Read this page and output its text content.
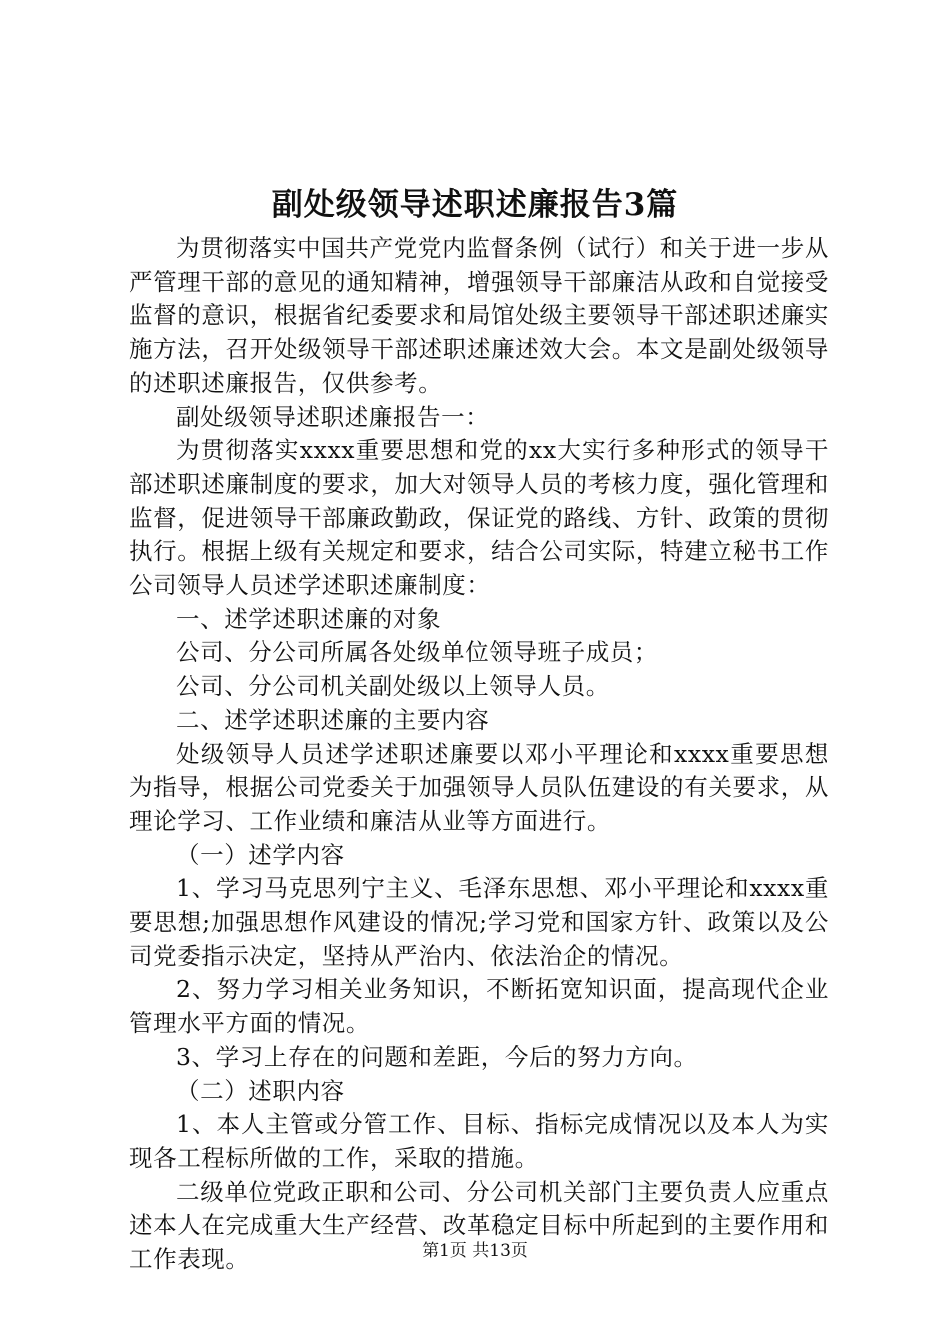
副处级领导述职述廉报告3篇

为贯彻落实中国共产党党内监督条例（试行）和关于进一步从严管理干部的意见的通知精神，增强领导干部廉洁从政和自觉接受监督的意识，根据省纪委要求和局馆处级主要领导干部述职述廉实施方法，召开处级领导干部述职述廉述效大会。本文是副处级领导的述职述廉报告，仅供参考。

副处级领导述职述廉报告一：

为贯彻落实xxxx重要思想和党的xx大实行多种形式的领导干部述职述廉制度的要求，加大对领导人员的考核力度，强化管理和监督，促进领导干部廉政勤政，保证党的路线、方针、政策的贯彻执行。根据上级有关规定和要求，结合公司实际，特建立秘书工作公司领导人员述学述职述廉制度：

一、述学述职述廉的对象

公司、分公司所属各处级单位领导班子成员；

公司、分公司机关副处级以上领导人员。

二、述学述职述廉的主要内容

处级领导人员述学述职述廉要以邓小平理论和xxxx重要思想为指导，根据公司党委关于加强领导人员队伍建设的有关要求，从理论学习、工作业绩和廉洁从业等方面进行。

（一）述学内容

1、学习马克思列宁主义、毛泽东思想、邓小平理论和xxxx重要思想;加强思想作风建设的情况;学习党和国家方针、政策以及公司党委指示决定，坚持从严治内、依法治企的情况。

2、努力学习相关业务知识，不断拓宽知识面，提高现代企业管理水平方面的情况。

3、学习上存在的问题和差距，今后的努力方向。

（二）述职内容

1、本人主管或分管工作、目标、指标完成情况以及本人为实现各工程标所做的工作，采取的措施。

二级单位党政正职和公司、分公司机关部门主要负责人应重点述本人在完成重大生产经营、改革稳定目标中所起到的主要作用和工作表现。	第1页 共13页
